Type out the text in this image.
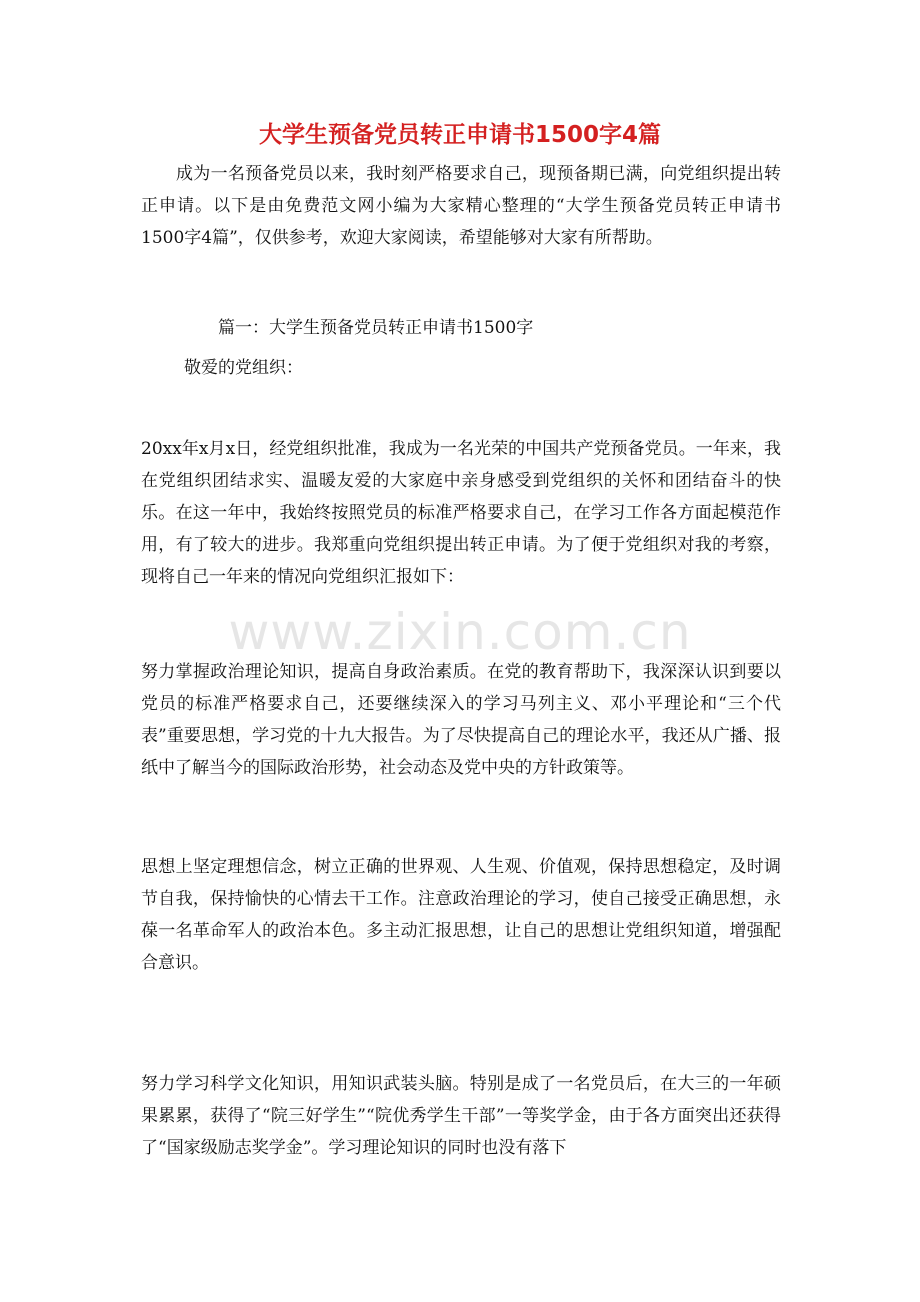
www.zixin.com.cn
大学生预备党员转正申请书1500字4篇

成为一名预备党员以来，我时刻严格要求自己，现预备期已满，向党组织提出转正申请。以下是由免费范文网小编为大家精心整理的“大学生预备党员转正申请书1500字4篇”，仅供参考，欢迎大家阅读，希望能够对大家有所帮助。

篇一：大学生预备党员转正申请书1500字

敬爱的党组织：

20xx年x月x日，经党组织批准，我成为一名光荣的中国共产党预备党员。一年来，我在党组织团结求实、温暖友爱的大家庭中亲身感受到党组织的关怀和团结奋斗的快乐。在这一年中，我始终按照党员的标准严格要求自己，在学习工作各方面起模范作用，有了较大的进步。我郑重向党组织提出转正申请。为了便于党组织对我的考察，现将自己一年来的情况向党组织汇报如下：

努力掌握政治理论知识，提高自身政治素质。在党的教育帮助下，我深深认识到要以党员的标准严格要求自己，还要继续深入的学习马列主义、邓小平理论和“三个代表”重要思想，学习党的十九大报告。为了尽快提高自己的理论水平，我还从广播、报纸中了解当今的国际政治形势，社会动态及党中央的方针政策等。

思想上坚定理想信念，树立正确的世界观、人生观、价值观，保持思想稳定，及时调节自我，保持愉快的心情去干工作。注意政治理论的学习，使自己接受正确思想，永葆一名革命军人的政治本色。多主动汇报思想，让自己的思想让党组织知道，增强配合意识。

努力学习科学文化知识，用知识武装头脑。特别是成了一名党员后，在大三的一年硕果累累，获得了“院三好学生”“院优秀学生干部”一等奖学金，由于各方面突出还获得了“国家级励志奖学金”。学习理论知识的同时也没有落下
